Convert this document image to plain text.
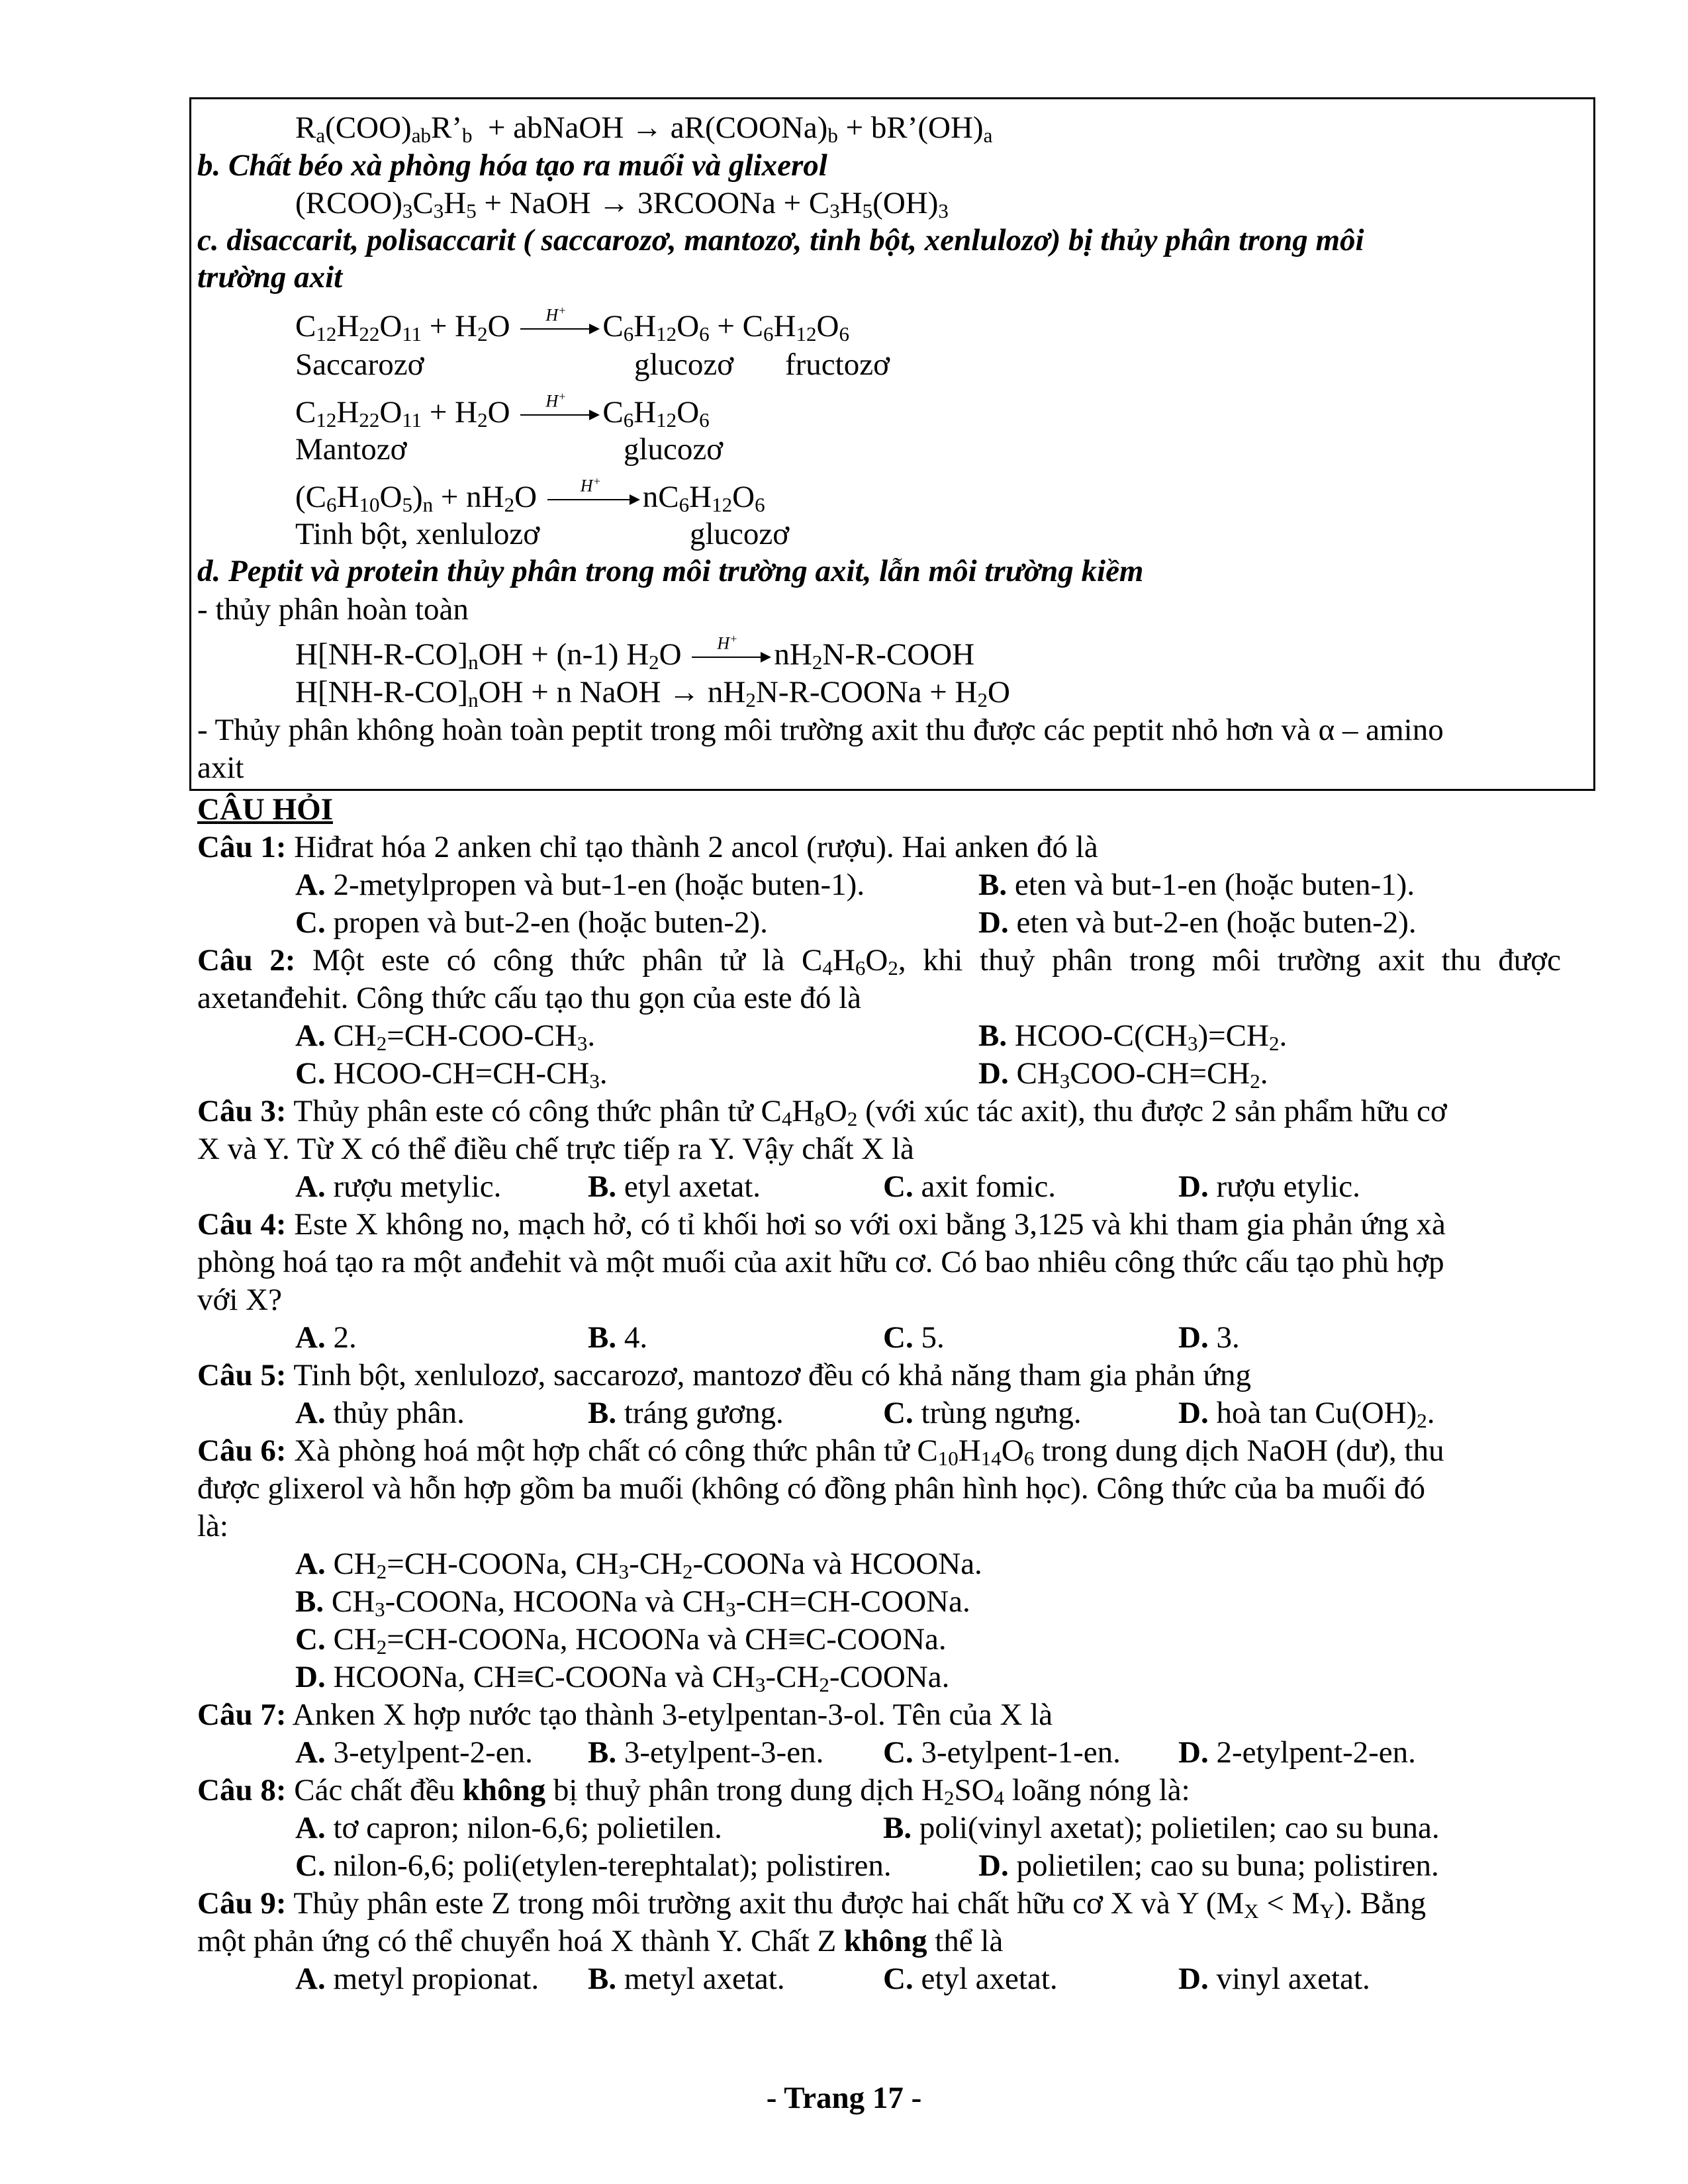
$R_a(COO)_{ab}R’_b$  + abNaOH → $aR(COONa)_b$ + $bR’(OH)_a$
b. Chất béo xà phòng hóa tạo ra muối và glixerol
$(RCOO)_3C_3H_5$ + NaOH → 3RCOONa + $C_3H_5(OH)_3$
c. disaccarit, polisaccarit ( saccarozơ, mantozơ, tinh bột, xenlulozơ) bị thủy phân trong môi
trường axit
$C_{12}H_{22}O_{11} + H_2O$ H+ $C_6H_{12}O_6 + C_6H_{12}O_6$
Saccarozơ	glucozơ fructozơ
$C_{12}H_{22}O_{11} + H_2O$ H+ $C_6H_{12}O_6$
Mantozơ	glucozơ
$(C_6H_{10}O_5)_n + nH_2O$ H+ $nC_6H_{12}O_6$
Tinh bột, xenlulozơ	glucozơ
d. Peptit và protein thủy phân trong môi trường axit, lẫn môi trường kiềm
- thủy phân hoàn toàn
$H[NH-R-CO]_nOH + (n-1)$ $H_2O$ H+ $nH_2N-R$-COOH
$H[NH-R-CO]_nOH + n$ NaOH → $nH_2N-R$-COONa + $H_2O$
- Thủy phân không hoàn toàn peptit trong môi trường axit thu được các peptit nhỏ hơn và α – amino
axit
CÂU HỎI
Câu 1: Hiđrat hóa 2 anken chỉ tạo thành 2 ancol (rượu). Hai anken đó là
A. 2-metylpropen và but-1-en (hoặc buten-1).	B. eten và but-1-en (hoặc buten-1).
C. propen và but-2-en (hoặc buten-2).	D. eten và but-2-en (hoặc buten-2).
Câu 2: Một este có công thức phân tử là $C_4H_6O_2$, khi thuỷ phân trong môi trường axit thu được
axetanđehit. Công thức cấu tạo thu gọn của este đó là
A. $CH_2=CH-COO-CH_3$.	B. HCOO-$C(CH_3)=CH_2$.
C. HCOO-$CH=CH-CH_3$.	D. $CH_3COO-CH=CH_2$.
Câu 3: Thủy phân este có công thức phân tử $C_4H_8O_2$ (với xúc tác axit), thu được 2 sản phẩm hữu cơ
X và Y. Từ X có thể điều chế trực tiếp ra Y. Vậy chất X là
A. rượu metylic.	B. etyl axetat.	C. axit fomic.	D. rượu etylic.
Câu 4: Este X không no, mạch hở, có tỉ khối hơi so với oxi bằng 3,125 và khi tham gia phản ứng xà
phòng hoá tạo ra một anđehit và một muối của axit hữu cơ. Có bao nhiêu công thức cấu tạo phù hợp
với X?
A. 2.	B. 4.	C. 5.	D. 3.
Câu 5: Tinh bột, xenlulozơ, saccarozơ, mantozơ đều có khả năng tham gia phản ứng
A. thủy phân.	B. tráng gương.	C. trùng ngưng.	D. hoà $\tan Cu(OH)_2$.
Câu 6: Xà phòng hoá một hợp chất có công thức phân tử $C_{10}H_{14}O_6$ trong dung dịch NaOH (dư), thu
được glixerol và hỗn hợp gồm ba muối (không có đồng phân hình học). Công thức của ba muối đó
là:
A. $CH_2=CH$-COONa, $CH_3-CH_2$-COONa và HCOONa.
B. $CH_3$-COONa, HCOONa và $CH_3-CH=CH$-COONa.
C. $CH_2=CH$-COONa, HCOONa và CH≡C-COONa.
D. HCOONa, CH≡C-COONa và $CH_3-CH_2$-COONa.
Câu 7: Anken X hợp nước tạo thành 3-etylpentan-3-ol. Tên của X là
A. 3-etylpent-2-en. B. 3-etylpent-3-en. C. 3-etylpent-1-en. D. 2-etylpent-2-en.
Câu 8: Các chất đều không bị thuỷ phân trong dung dịch $H_2SO_4$ loãng nóng là:
A. tơ capron; nilon-6,6; polietilen.	B. poli(vinyl axetat); polietilen; cao su buna.
C. nilon-6,6; poli(etylen-terephtalat); polistiren.	D. polietilen; cao su buna; polistiren.
Câu 9: Thủy phân este Z trong môi trường axit thu được hai chất hữu cơ X và Y $(M_X < M_Y)$. Bằng
một phản ứng có thể chuyển hoá X thành Y. Chất Z không thể là
A. metyl propionat. B. metyl axetat.	C. etyl axetat.	D. vinyl axetat.
- Trang 17 -
